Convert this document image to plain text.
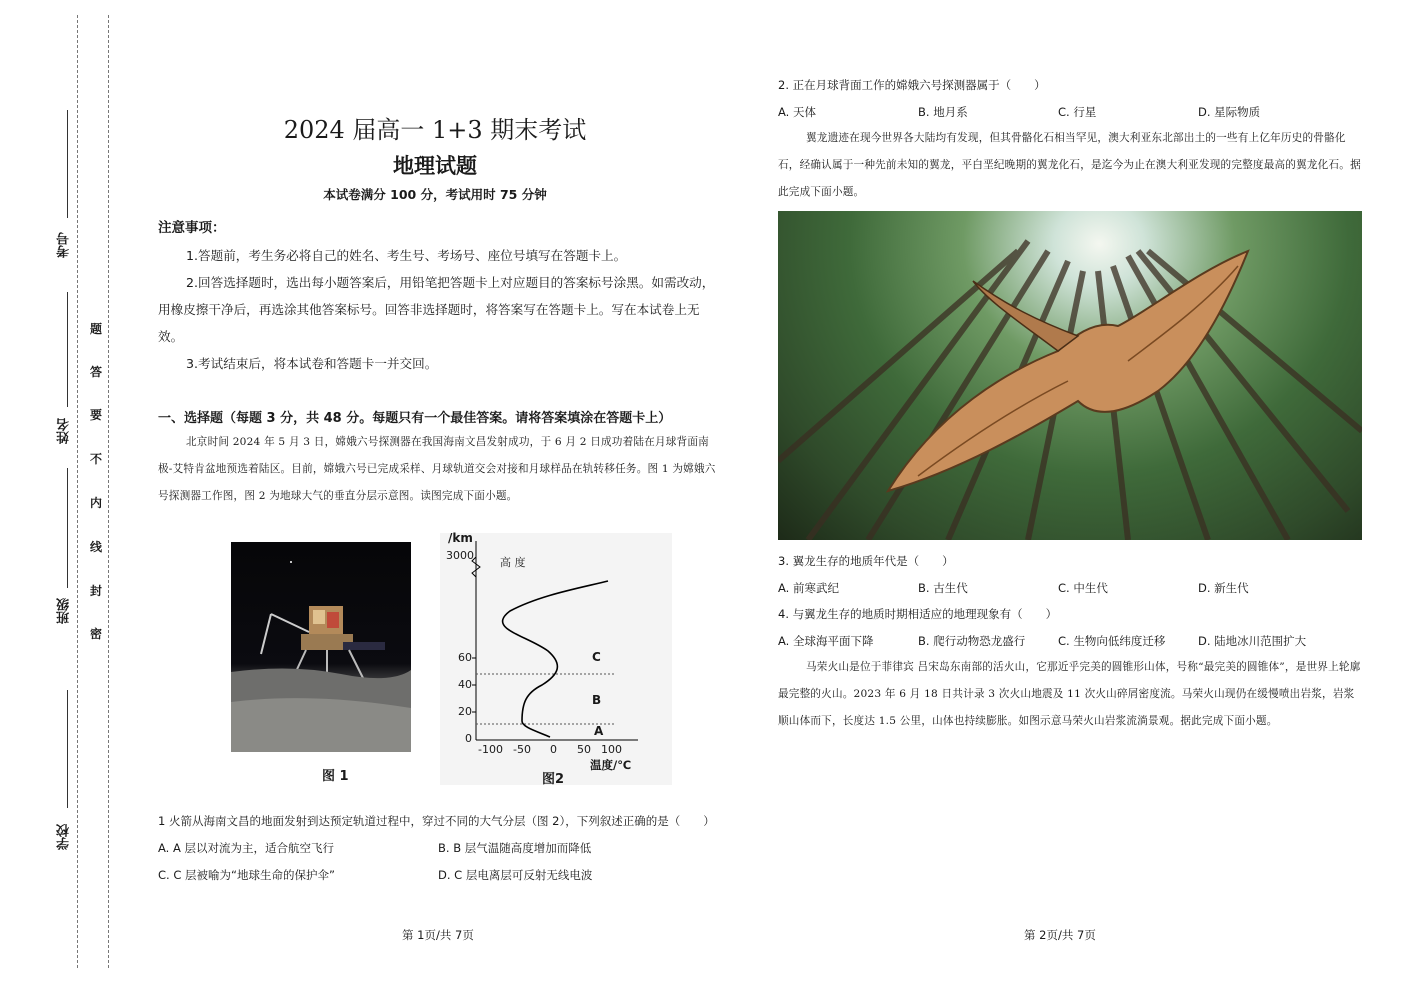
考号
姓名
班级
学校
题
答
要
不
内
线
封
密
2024 届高一 1+3 期末考试
地理试题
本试卷满分 100 分，考试用时 75 分钟
注意事项：

1.答题前，考生务必将自己的姓名、考生号、考场号、座位号填写在答题卡上。

2.回答选择题时，选出每小题答案后，用铅笔把答题卡上对应题目的答案标号涂黑。如需改动，用橡皮擦干净后，再选涂其他答案标号。回答非选择题时，将答案写在答题卡上。写在本试卷上无效。

3.考试结束后，将本试卷和答题卡一并交回。

一、选择题（每题 3 分，共 48 分。每题只有一个最佳答案。请将答案填涂在答题卡上）
北京时间 2024 年 5 月 3 日，嫦娥六号探测器在我国海南文昌发射成功，于 6 月 2 日成功着陆在月球背面南极-艾特肯盆地预选着陆区。目前，嫦娥六号已完成采样、月球轨道交会对接和月球样品在轨转移任务。图 1 为嫦娥六号探测器工作图，图 2 为地球大气的垂直分层示意图。读图完成下面小题。
图 1
/km
3000
高 度
60
40
20
0
-100 -50 0 50 100
温度/℃
C
B
A
图2
1 火箭从海南文昌的地面发射到达预定轨道过程中，穿过不同的大气分层（图 2），下列叙述正确的是（　　）
A. A 层以对流为主，适合航空飞行	B. B 层气温随高度增加而降低
C. C 层被喻为“地球生命的保护伞”	D. C 层电离层可反射无线电波
第 1页/共 7页
2. 正在月球背面工作的嫦娥六号探测器属于（　　）
A. 天体	B. 地月系	C. 行星	D. 星际物质
翼龙遗迹在现今世界各大陆均有发现，但其骨骼化石相当罕见，澳大利亚东北部出土的一些有上亿年历史的骨骼化石，经确认属于一种先前未知的翼龙，平白垩纪晚期的翼龙化石，是迄今为止在澳大利亚发现的完整度最高的翼龙化石。据此完成下面小题。
3. 翼龙生存的地质年代是（　　）
A. 前寒武纪	B. 古生代	C. 中生代	D. 新生代
4. 与翼龙生存的地质时期相适应的地理现象有（　　）
A. 全球海平面下降	B. 爬行动物恐龙盛行	C. 生物向低纬度迁移	D. 陆地冰川范围扩大
马荣火山是位于菲律宾 吕宋岛东南部的活火山，它那近乎完美的圆锥形山体，号称“最完美的圆锥体”，是世界上轮廓最完整的火山。2023 年 6 月 18 日共计录 3 次火山地震及 11 次火山碎屑密度流。马荣火山现仍在缓慢喷出岩浆，岩浆顺山体而下，长度达 1.5 公里，山体也持续膨胀。如图示意马荣火山岩浆流淌景观。据此完成下面小题。
第 2页/共 7页
